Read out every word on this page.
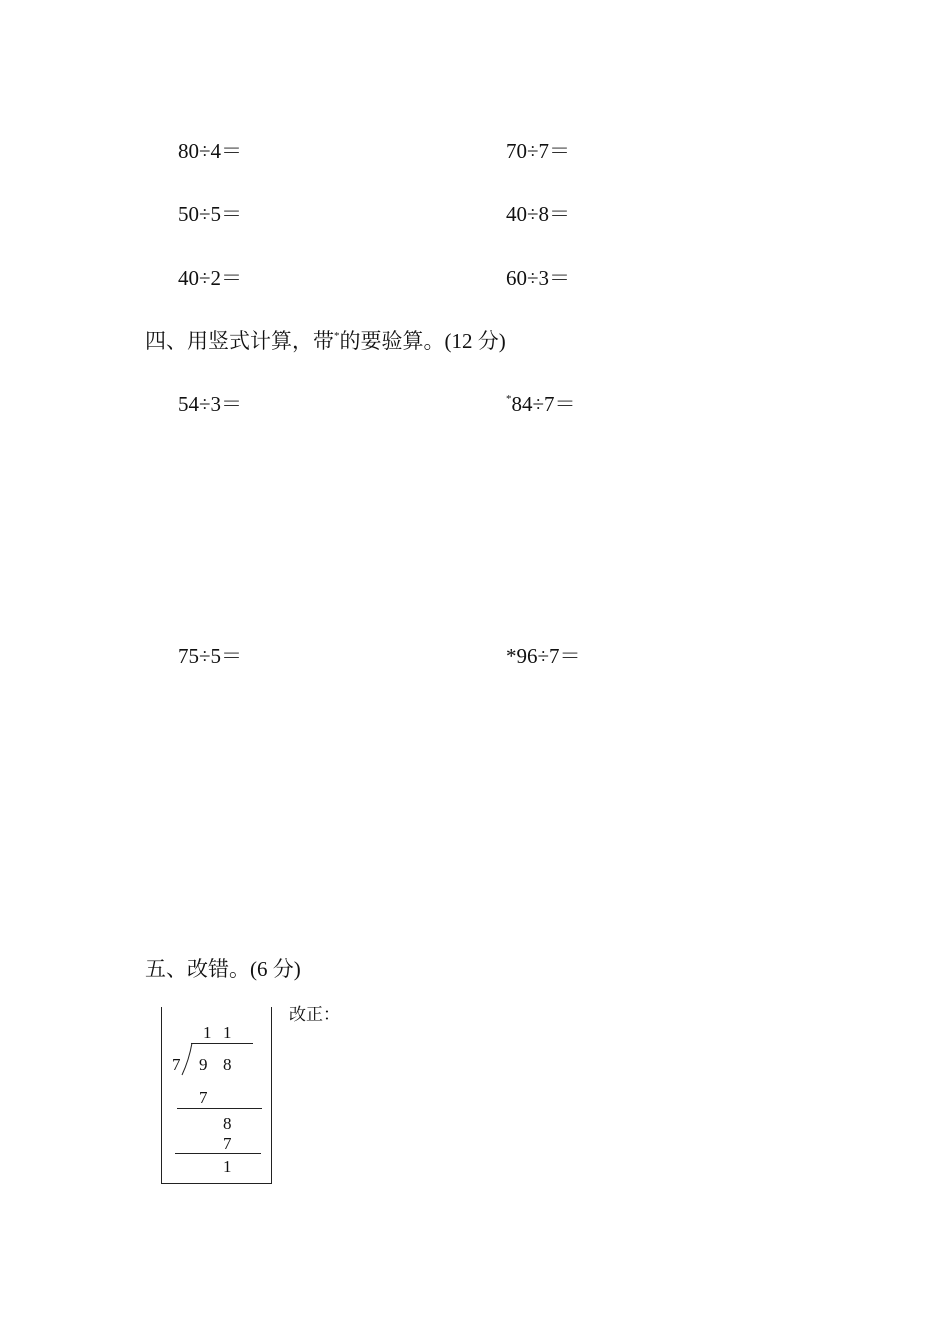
80÷4＝	70÷7＝
50÷5＝	40÷8＝
40÷2＝	60÷3＝
四、用竖式计算，带*的要验算。(12 分)
54÷3＝	*84÷7＝
75÷5＝	*96÷7＝
五、改错。(6 分)
1 1
7 9 8
7
8
7
1
改正：
